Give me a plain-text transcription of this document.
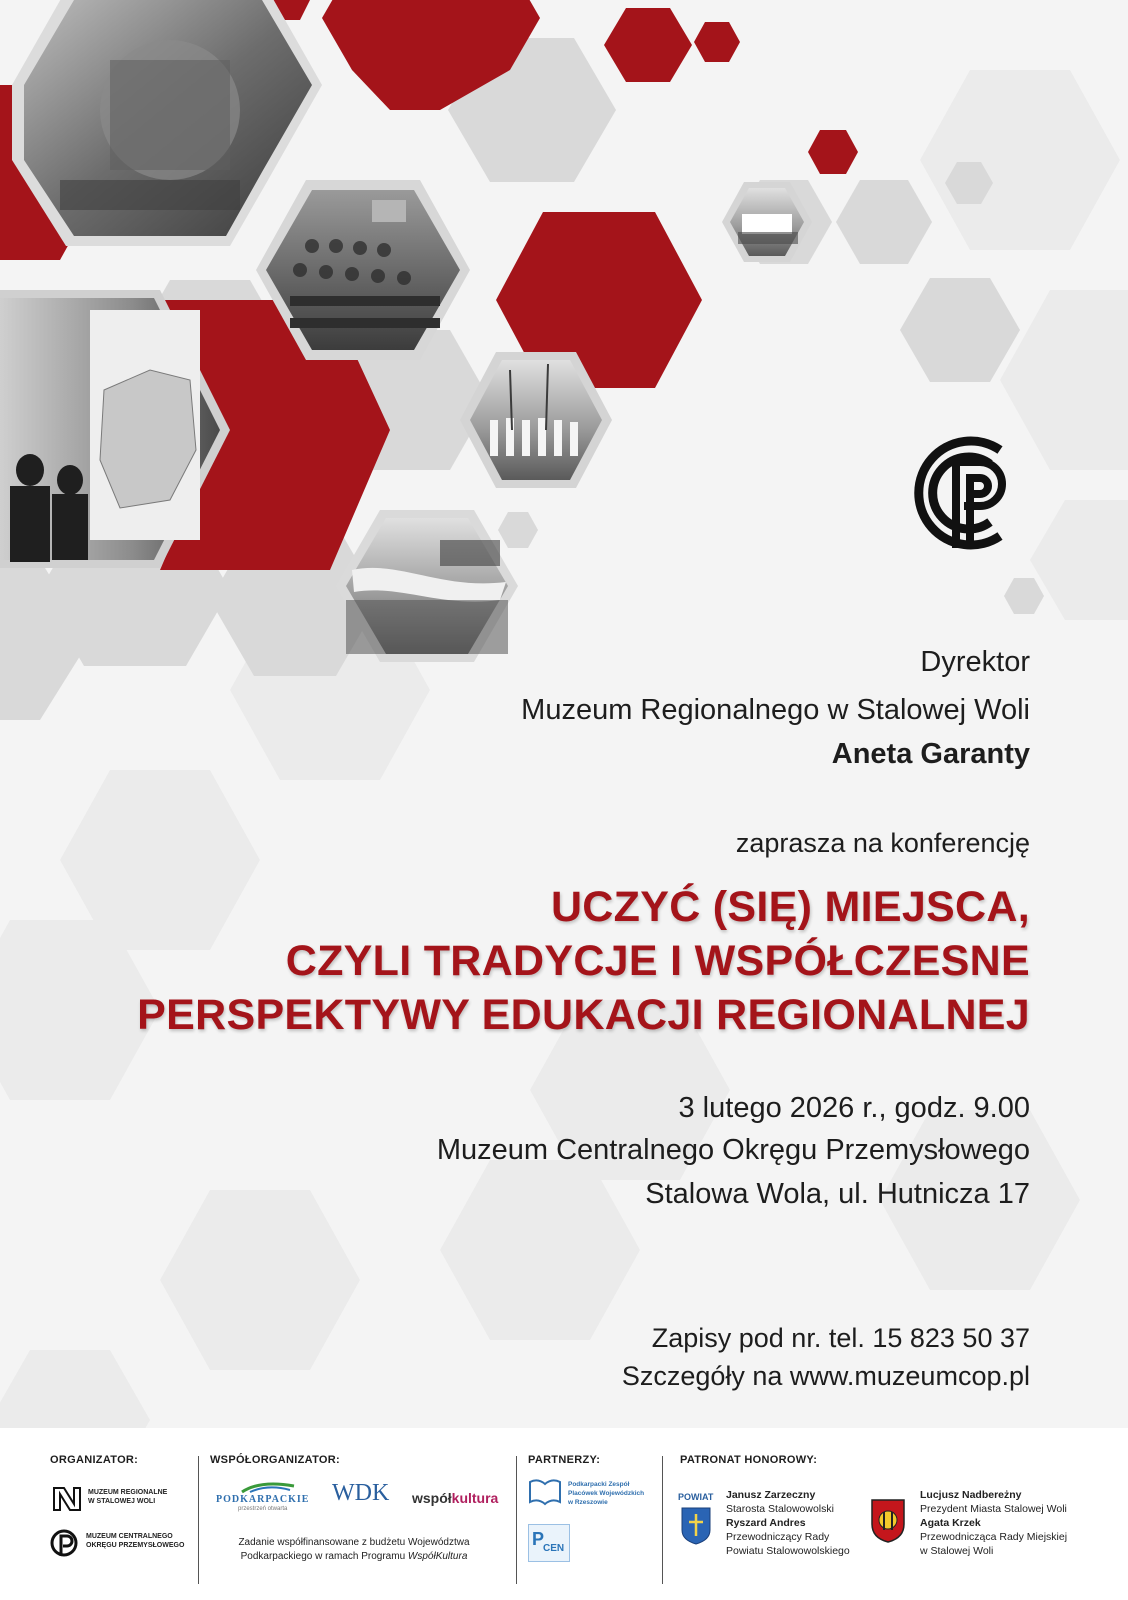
Dyrektor
Muzeum Regionalnego w Stalowej Woli
Aneta Garanty
zaprasza na konferencję
UCZYĆ (SIĘ) MIEJSCA,
CZYLI TRADYCJE I WSPÓŁCZESNE
PERSPEKTYWY EDUKACJI REGIONALNEJ
3 lutego 2026 r., godz. 9.00
Muzeum Centralnego Okręgu Przemysłowego
Stalowa Wola, ul. Hutnicza 17
Zapisy pod nr. tel. 15 823 50 37
Szczegóły na www.muzeumcop.pl
ORGANIZATOR:
MUZEUM REGIONALNE
W STALOWEJ WOLI
MUZEUM CENTRALNEGO
OKRĘGU PRZEMYSŁOWEGO
WSPÓŁORGANIZATOR:
PODKARPACKIE
przestrzeń otwarta
WDK współkultura
Zadanie współfinansowane z budżetu Województwa
Podkarpackiego w ramach Programu WspółKultura
PARTNERZY:
Podkarpacki Zespół
Placówek Wojewódzkich
w Rzeszowie
P
CEN
PATRONAT HONOROWY:
POWIAT Janusz Zarzeczny
Starosta Stalowowolski
Ryszard Andres
Przewodniczący Rady
Powiatu Stalowowolskiego
Lucjusz Nadbereżny
Prezydent Miasta Stalowej Woli
Agata Krzek
Przewodnicząca Rady Miejskiej
w Stalowej Woli
